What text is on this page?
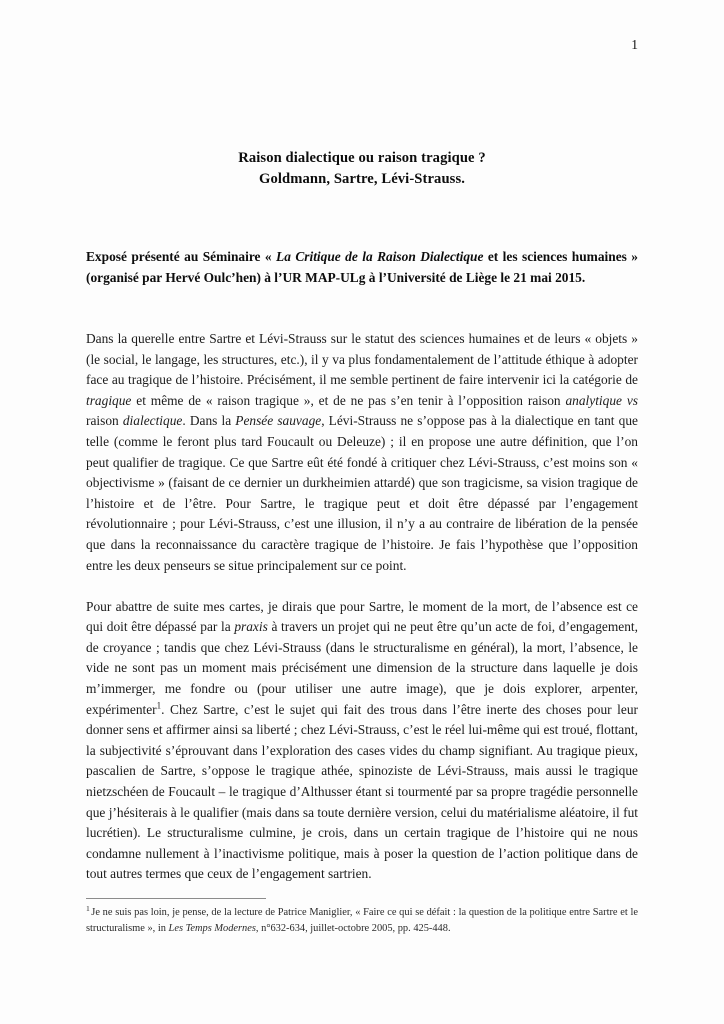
1
Raison dialectique ou raison tragique ?
Goldmann, Sartre, Lévi-Strauss.

Exposé présenté au Séminaire « La Critique de la Raison Dialectique et les sciences humaines » (organisé par Hervé Oulc’hen) à l’UR MAP-ULg à l’Université de Liège le 21 mai 2015.

Dans la querelle entre Sartre et Lévi-Strauss sur le statut des sciences humaines et de leurs « objets » (le social, le langage, les structures, etc.), il y va plus fondamentalement de l’attitude éthique à adopter face au tragique de l’histoire. Précisément, il me semble pertinent de faire intervenir ici la catégorie de tragique et même de « raison tragique », et de ne pas s’en tenir à l’opposition raison analytique vs raison dialectique. Dans la Pensée sauvage, Lévi-Strauss ne s’oppose pas à la dialectique en tant que telle (comme le feront plus tard Foucault ou Deleuze) ; il en propose une autre définition, que l’on peut qualifier de tragique. Ce que Sartre eût été fondé à critiquer chez Lévi-Strauss, c’est moins son « objectivisme » (faisant de ce dernier un durkheimien attardé) que son tragicisme, sa vision tragique de l’histoire et de l’être. Pour Sartre, le tragique peut et doit être dépassé par l’engagement révolutionnaire ; pour Lévi-Strauss, c’est une illusion, il n’y a au contraire de libération de la pensée que dans la reconnaissance du caractère tragique de l’histoire. Je fais l’hypothèse que l’opposition entre les deux penseurs se situe principalement sur ce point.

Pour abattre de suite mes cartes, je dirais que pour Sartre, le moment de la mort, de l’absence est ce qui doit être dépassé par la praxis à travers un projet qui ne peut être qu’un acte de foi, d’engagement, de croyance ; tandis que chez Lévi-Strauss (dans le structuralisme en général), la mort, l’absence, le vide ne sont pas un moment mais précisément une dimension de la structure dans laquelle je dois m’immerger, me fondre ou (pour utiliser une autre image), que je dois explorer, arpenter, expérimenter$^1$. Chez Sartre, c’est le sujet qui fait des trous dans l’être inerte des choses pour leur donner sens et affirmer ainsi sa liberté ; chez Lévi-Strauss, c’est le réel lui-même qui est troué, flottant, la subjectivité s’éprouvant dans l’exploration des cases vides du champ signifiant. Au tragique pieux, pascalien de Sartre, s’oppose le tragique athée, spinoziste de Lévi-Strauss, mais aussi le tragique nietzschéen de Foucault – le tragique d’Althusser étant si tourmenté par sa propre tragédie personnelle que j’hésiterais à le qualifier (mais dans sa toute dernière version, celui du matérialisme aléatoire, il fut lucrétien). Le structuralisme culmine, je crois, dans un certain tragique de l’histoire qui ne nous condamne nullement à l’inactivisme politique, mais à poser la question de l’action politique dans de tout autres termes que ceux de l’engagement sartrien.

$^1$ Je ne suis pas loin, je pense, de la lecture de Patrice Maniglier, « Faire ce qui se défait : la question de la politique entre Sartre et le structuralisme », in Les Temps Modernes, n°632-634, juillet-octobre 2005, pp. 425-448.
